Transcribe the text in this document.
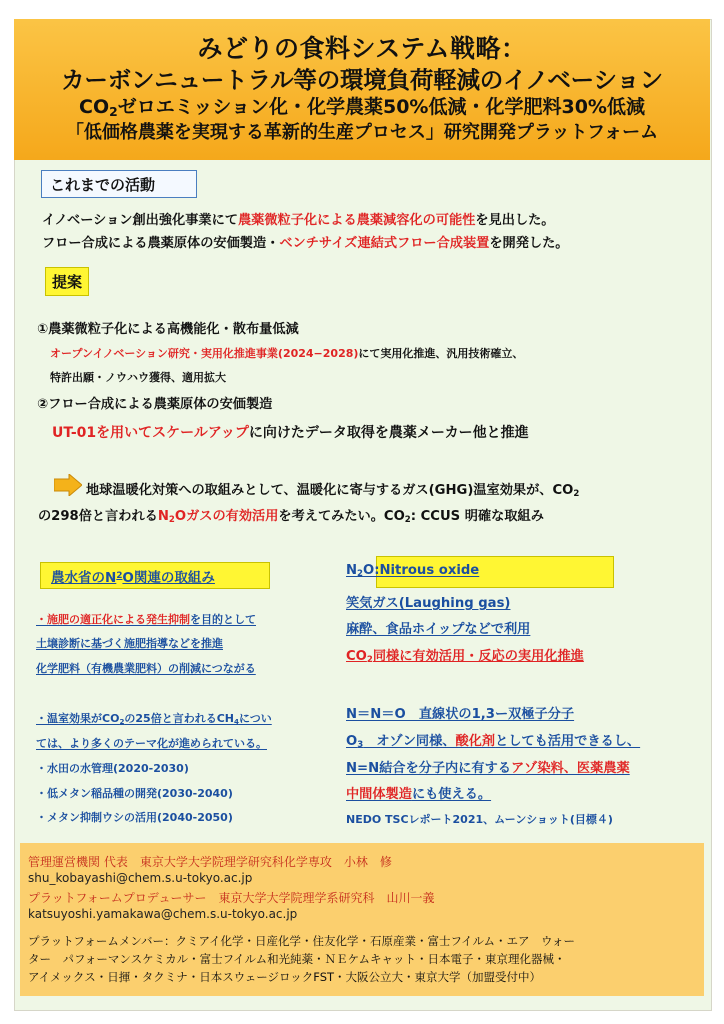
みどりの食料システム戦略：
カーボンニュートラル等の環境負荷軽減のイノベーション
$CO_2$ゼロエミッション化・化学農薬50%低減・化学肥料30%低減
「低価格農薬を実現する革新的生産プロセス」研究開発プラットフォーム
これまでの活動
イノベーション創出強化事業にて農薬微粒子化による農薬減容化の可能性を見出した。
フロー合成による農薬原体の安価製造・ベンチサイズ連結式フロー合成装置を開発した。
提案
①農薬微粒子化による高機能化・散布量低減
オープンイノベーション研究・実用化推進事業(2024−2028)にて実用化推進、汎用技術確立、
特許出願・ノウハウ獲得、適用拡大
②フロー合成による農薬原体の安価製造
UT-01を用いてスケールアップに向けたデータ取得を農薬メーカー他と推進
地球温暖化対策への取組みとして、温暖化に寄与するガス(GHG)温室効果が、$CO_2$
の298倍と言われる$N_2O$ガスの有効活用を考えてみたい。$CO_2$: CCUS 明確な取組み
農水省のN 2 O関連の取組み
・施肥の適正化による発生抑制を目的として
土壌診断に基づく施肥指導などを推進
化学肥料（有機農業肥料）の削減につながる
・温室効果が$CO_2$の25倍と言われる$CH_4$につい
ては、より多くのテーマ化が進められている。
・水田の水管理(2020-2030)
・低メタン稲品種の開発(2030-2040)
・メタン抑制ウシの活用(2040-2050)
$N_2O:Nitrous$ oxide
笑気ガス(Laughing gas)
麻酔、食品ホイップなどで利用
$CO_2$同様に有効活用・反応の実用化推進
N＝N＝O　直線状の1,3ー双極子分子
$O_3$　オゾン同様、酸化剤としても活用できるし、
N=N結合を分子内に有するアゾ染料、医薬農薬
中間体製造にも使える。
NEDO TSCレポート2021、ムーンショット(目標４)
管理運営機関 代表　東京大学大学院理学研究科化学専攻　小林　修
shu_kobayashi@chem.s.u-tokyo.ac.jp
プラットフォームプロデューサー　東京大学大学院理学系研究科　山川一義
katsuyoshi.yamakawa@chem.s.u-tokyo.ac.jp
プラットフォームメンバー：クミアイ化学・日産化学・住友化学・石原産業・富士フイルム・エア　ウォー
ター　パフォーマンスケミカル・富士フイルム和光純薬・ＮＥケムキャット・日本電子・東京理化器械・
アイメックス・日揮・タクミナ・日本スウェージロックFST・大阪公立大・東京大学（加盟受付中）
